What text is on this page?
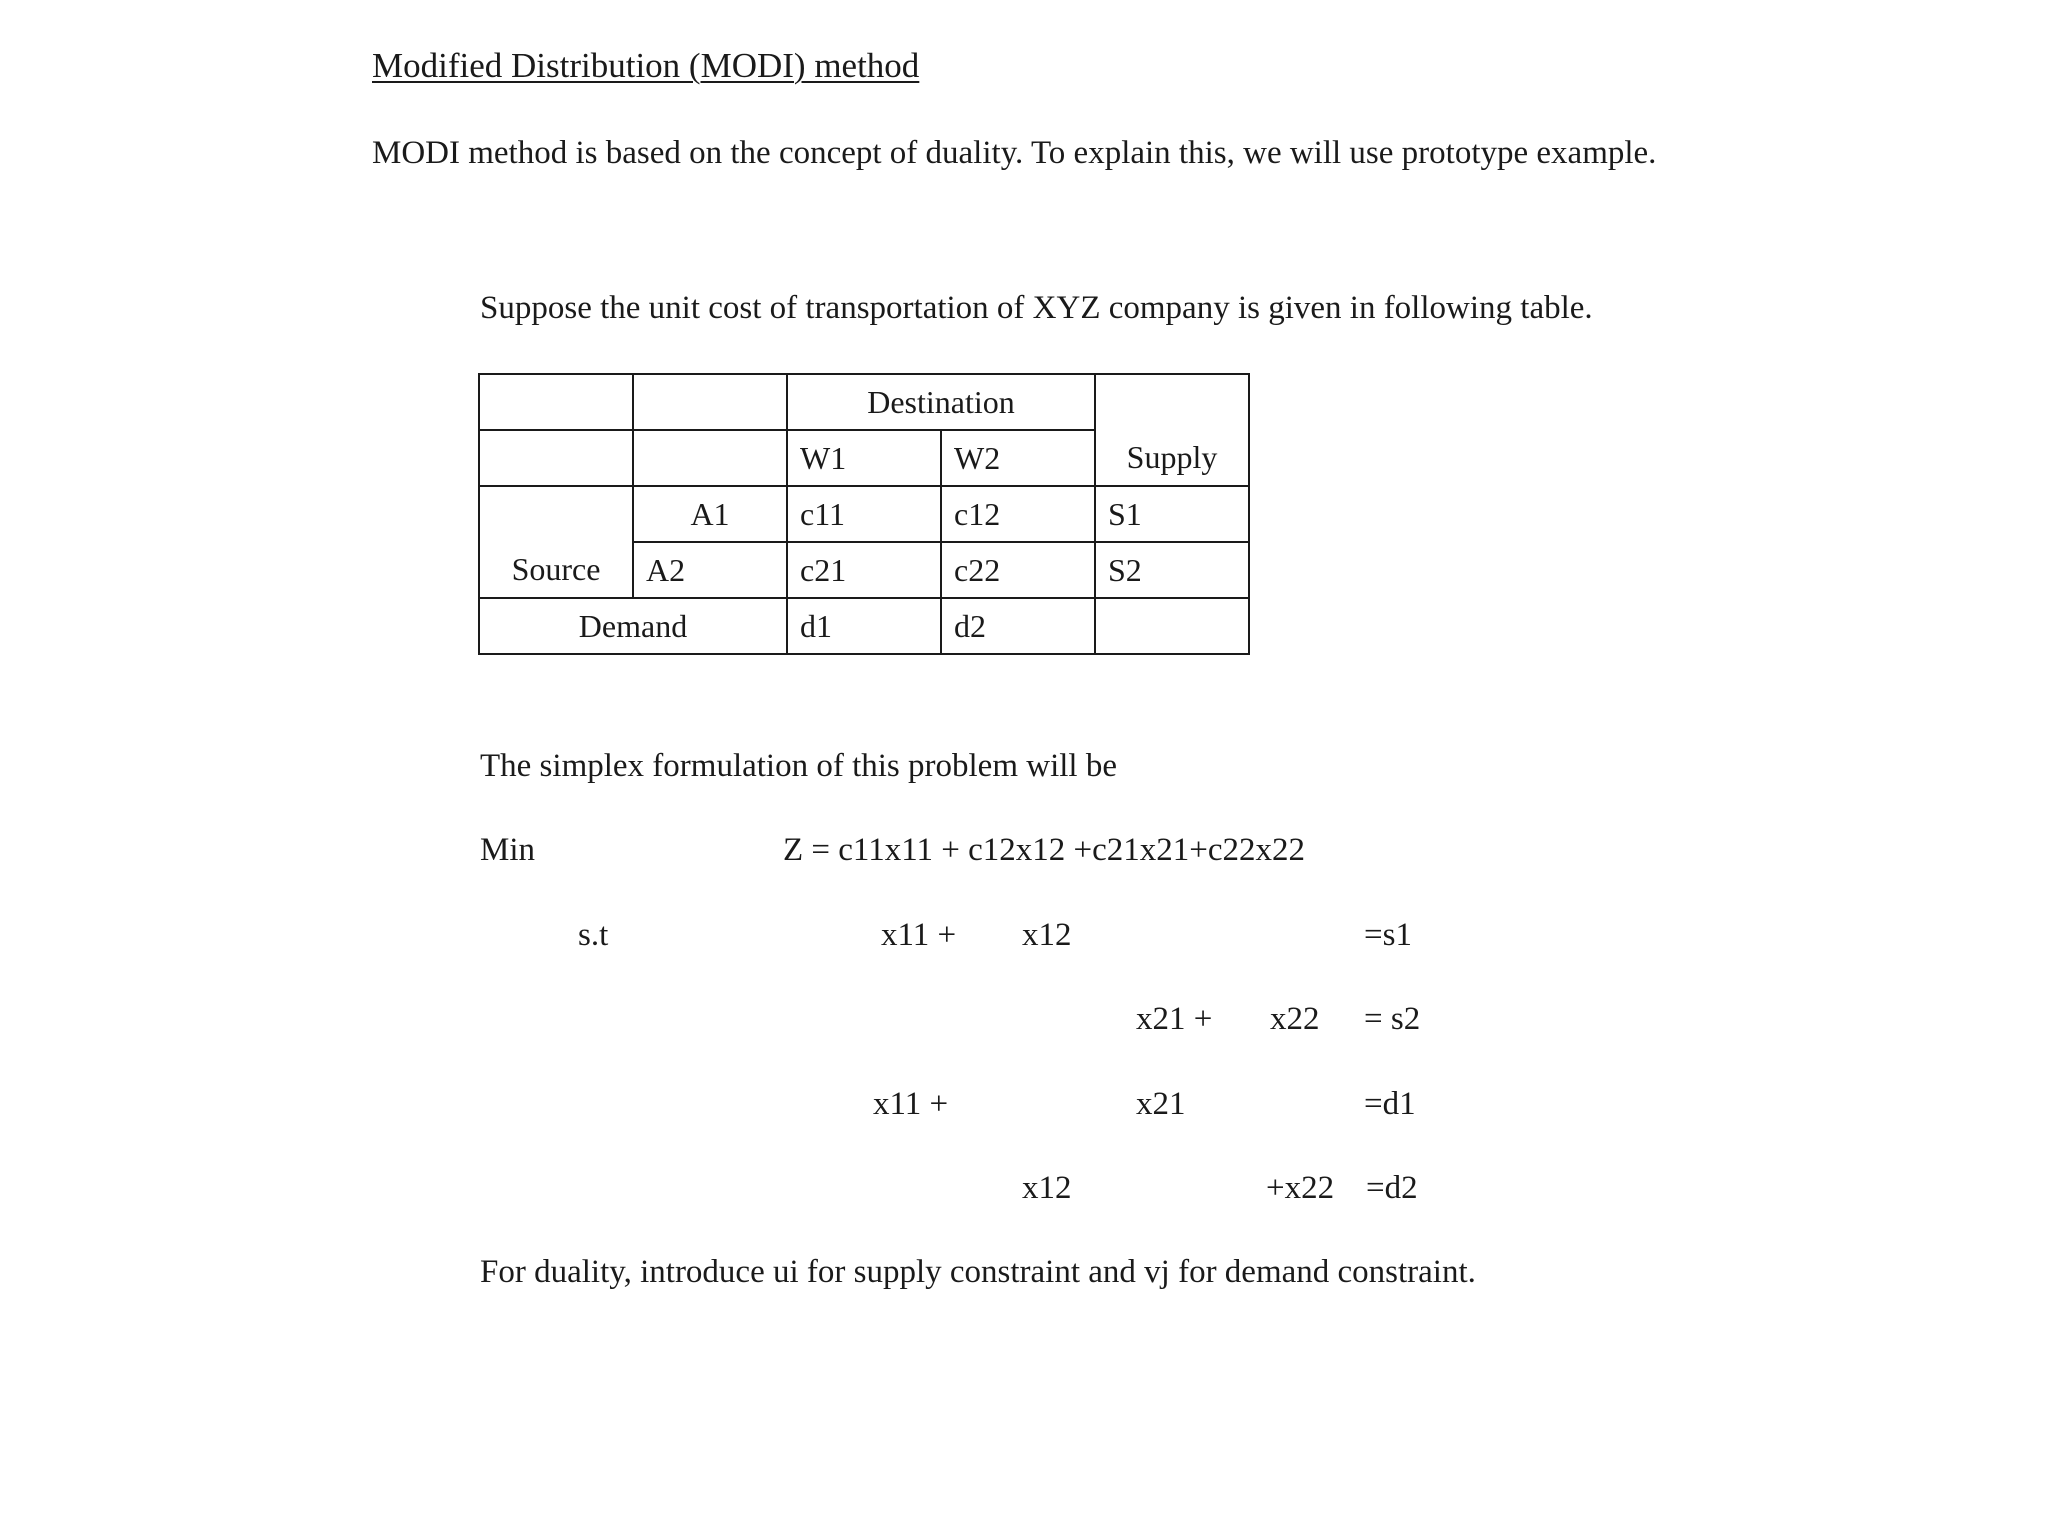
Modified Distribution (MODI) method
MODI method is based on the concept of duality. To explain this, we will use prototype example.
Suppose the unit cost of transportation of XYZ company is given in following table.
		Destination		
		W1	W2	Supply
	A1	c11	c12	S1
Source	A2	c21	c22	S2
Demand		d1	d2	
The simplex formulation of this problem will be
Min	Z = c11x11 + c12x12 +c21x21+c22x22
s.t	x11 + x12	=s1
x21 + x22 = s2
x11 +	x21	=d1
x12	+x22 =d2
For duality, introduce ui for supply constraint and vj for demand constraint.
